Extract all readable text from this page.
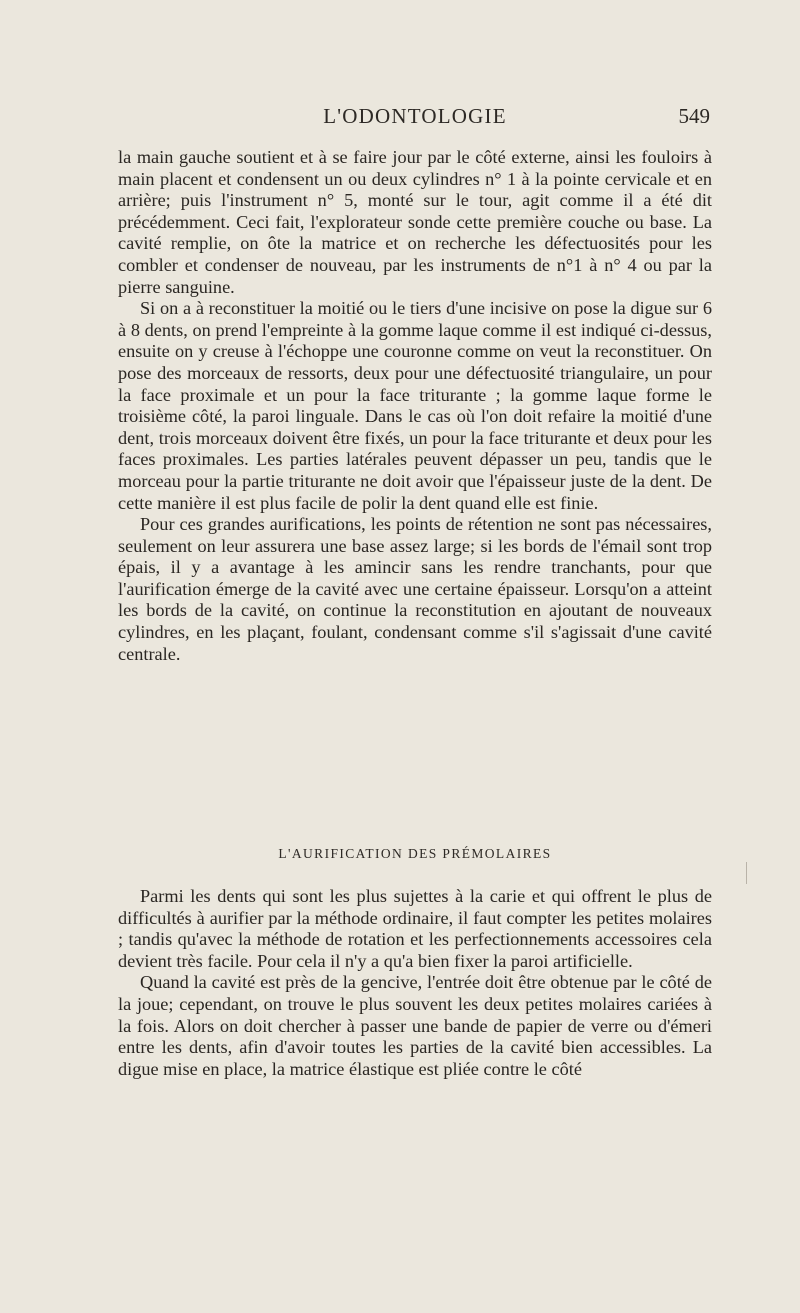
L'ODONTOLOGIE	549

la main gauche soutient et à se faire jour par le côté externe, ainsi les fouloirs à main placent et condensent un ou deux cylindres n° 1 à la pointe cervicale et en arrière; puis l'instrument n° 5, monté sur le tour, agit comme il a été dit précédemment. Ceci fait, l'explorateur sonde cette première couche ou base. La cavité remplie, on ôte la matrice et on recherche les défectuosités pour les combler et condenser de nouveau, par les instruments de n°1 à n° 4 ou par la pierre sanguine.

Si on a à reconstituer la moitié ou le tiers d'une incisive on pose la digue sur 6 à 8 dents, on prend l'empreinte à la gomme laque comme il est indiqué ci-dessus, ensuite on y creuse à l'échoppe une couronne comme on veut la reconstituer. On pose des morceaux de ressorts, deux pour une défectuosité triangulaire, un pour la face proximale et un pour la face triturante ; la gomme laque forme le troisième côté, la paroi linguale. Dans le cas où l'on doit refaire la moitié d'une dent, trois morceaux doivent être fixés, un pour la face triturante et deux pour les faces proximales. Les parties latérales peuvent dépasser un peu, tandis que le morceau pour la partie triturante ne doit avoir que l'épaisseur juste de la dent. De cette manière il est plus facile de polir la dent quand elle est finie.

Pour ces grandes aurifications, les points de rétention ne sont pas nécessaires, seulement on leur assurera une base assez large; si les bords de l'émail sont trop épais, il y a avantage à les amincir sans les rendre tranchants, pour que l'aurification émerge de la cavité avec une certaine épaisseur. Lorsqu'on a atteint les bords de la cavité, on continue la reconstitution en ajoutant de nouveaux cylindres, en les plaçant, foulant, condensant comme s'il s'agissait d'une cavité centrale.

L'AURIFICATION DES PRÉMOLAIRES

Parmi les dents qui sont les plus sujettes à la carie et qui offrent le plus de difficultés à aurifier par la méthode ordinaire, il faut compter les petites molaires ; tandis qu'avec la méthode de rotation et les perfectionnements accessoires cela devient très facile. Pour cela il n'y a qu'a bien fixer la paroi artificielle.

Quand la cavité est près de la gencive, l'entrée doit être obtenue par le côté de la joue; cependant, on trouve le plus souvent les deux petites molaires cariées à la fois. Alors on doit chercher à passer une bande de papier de verre ou d'émeri entre les dents, afin d'avoir toutes les parties de la cavité bien accessibles. La digue mise en place, la matrice élastique est pliée contre le côté
